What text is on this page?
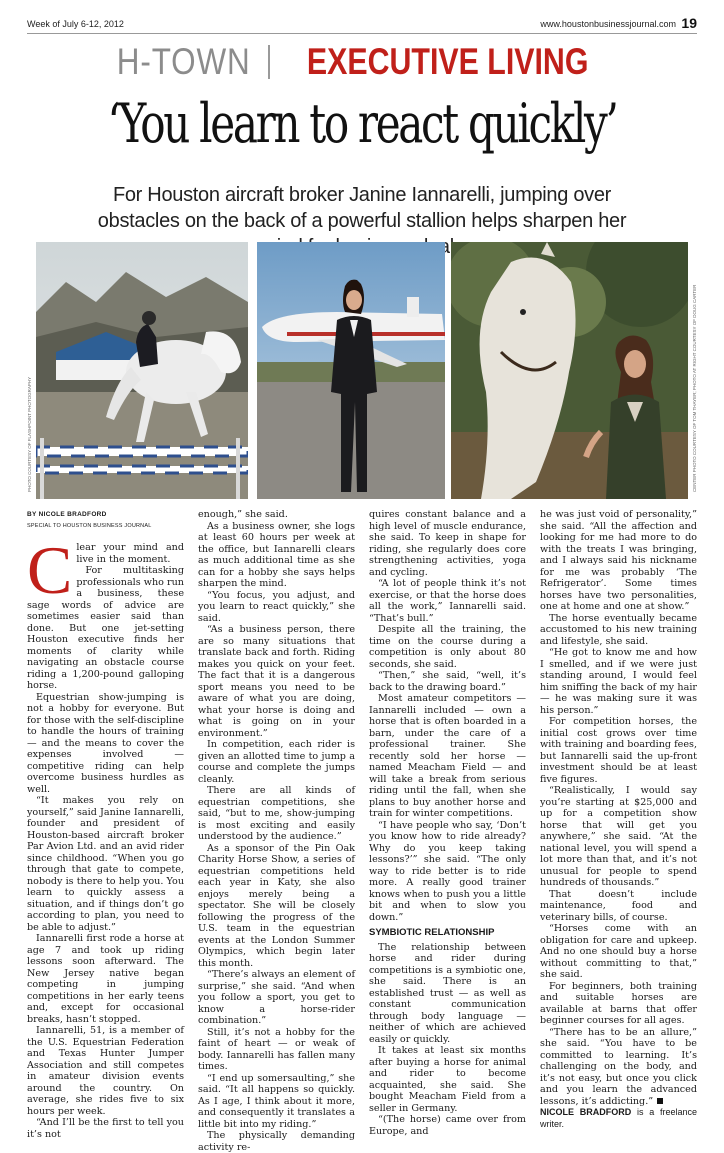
Week of July 6-12, 2012	www.houstonbusinessjournal.com 19
H-TOWN EXECUTIVE LIVING
‘You learn to react quickly’
For Houston aircraft broker Janine Iannarelli, jumping over obstacles on the back of a powerful stallion helps sharpen her
PHOTO COURTESY OF FLASHPOINT PHOTOGRAPHY	CENTER PHOTO COURTESY OF TOM THAYER; PHOTO AT RIGHT COURTESY OF DOUG CARTER
BY NICOLE BRADFORD
SPECIAL TO HOUSTON BUSINESS JOURNAL

Clear your mind and live in the moment.

For multitasking professionals who run a business, these sage words of advice are sometimes easier said than done. But one jet-setting Houston executive finds her moments of clarity while navigating an obstacle course riding a 1,200-pound galloping horse.

Equestrian show-jumping is not a hobby for everyone. But for those with the self-discipline to handle the hours of training — and the means to cover the expenses involved — competitive riding can help overcome business hurdles as well.

“It makes you rely on yourself,” said Janine Iannarelli, founder and president of Houston-based aircraft broker Par Avion Ltd. and an avid rider since childhood. “When you go through that gate to compete, nobody is there to help you. You learn to quickly assess a situation, and if things don’t go according to plan, you need to be able to adjust.”

Iannarelli first rode a horse at age 7 and took up riding lessons soon afterward. The New Jersey native began competing in jumping competitions in her early teens and, except for occasional breaks, hasn’t stopped.

Iannarelli, 51, is a member of the U.S. Equestrian Federation and Texas Hunter Jumper Association and still competes in amateur division events around the country. On average, she rides five to six hours per week.

“And I’ll be the first to tell you it’s not

enough,” she said.

As a business owner, she logs at least 60 hours per week at the office, but Iannarelli clears as much additional time as she can for a hobby she says helps sharpen the mind.

“You focus, you adjust, and you learn to react quickly,” she said.

“As a business person, there are so many situations that translate back and forth. Riding makes you quick on your feet. The fact that it is a dangerous sport means you need to be aware of what you are doing, what your horse is doing and what is going on in your environment.”

In competition, each rider is given an allotted time to jump a course and complete the jumps cleanly.

There are all kinds of equestrian competitions, she said, “but to me, show-jumping is most exciting and easily understood by the audience.”

As a sponsor of the Pin Oak Charity Horse Show, a series of equestrian competitions held each year in Katy, she also enjoys merely being a spectator. She will be closely following the progress of the U.S. team in the equestrian events at the London Summer Olympics, which begin later this month.

“There’s always an element of surprise,” she said. “And when you follow a sport, you get to know a horse-rider combination.”

Still, it’s not a hobby for the faint of heart — or weak of body. Iannarelli has fallen many times.

“I end up somersaulting,” she said. “It all happens so quickly. As I age, I think about it more, and consequently it translates a little bit into my riding.”

The physically demanding activity re-

quires constant balance and a high level of muscle endurance, she said. To keep in shape for riding, she regularly does core strengthening activities, yoga and cycling.

“A lot of people think it’s not exercise, or that the horse does all the work,” Iannarelli said. “That’s bull.”

Despite all the training, the time on the course during a competition is only about 80 seconds, she said.

“Then,” she said, “well, it’s back to the drawing board.”

Most amateur competitors — Iannarelli included — own a horse that is often boarded in a barn, under the care of a professional trainer. She recently sold her horse — named Meacham Field — and will take a break from serious riding until the fall, when she plans to buy another horse and train for winter competitions.

“I have people who say, ‘Don’t you know how to ride already? Why do you keep taking lessons?’” she said. “The only way to ride better is to ride more. A really good trainer knows when to push you a little bit and when to slow you down.”

SYMBIOTIC RELATIONSHIP

The relationship between horse and rider during competitions is a symbiotic one, she said. There is an established trust — as well as constant communication through body language — neither of which are achieved easily or quickly.

It takes at least six months after buying a horse for animal and rider to become acquainted, she said. She bought Meacham Field from a seller in Germany.

“(The horse) came over from Europe, and

he was just void of personality,” she said. “All the affection and looking for me had more to do with the treats I was bringing, and I always said his nickname for me was probably ‘The Refrigerator’. Some times horses have two personalities, one at home and one at show.”

The horse eventually became accustomed to his new training and lifestyle, she said.

“He got to know me and how I smelled, and if we were just standing around, I would feel him sniffing the back of my hair — he was making sure it was his person.”

For competition horses, the initial cost grows over time with training and boarding fees, but Iannarelli said the up-front investment should be at least five figures.

“Realistically, I would say you’re starting at $25,000 and up for a competition show horse that will get you anywhere,” she said. “At the national level, you will spend a lot more than that, and it’s not unusual for people to spend hundreds of thousands.”

That doesn’t include maintenance, food and veterinary bills, of course.

“Horses come with an obligation for care and upkeep. And no one should buy a horse without committing to that,” she said.

For beginners, both training and suitable horses are available at barns that offer beginner courses for all ages.

“There has to be an allure,” she said. “You have to be committed to learning. It’s challenging on the body, and it’s not easy, but once you click and you learn the advanced lessons, it’s addicting.”

NICOLE BRADFORD is a freelance writer.
